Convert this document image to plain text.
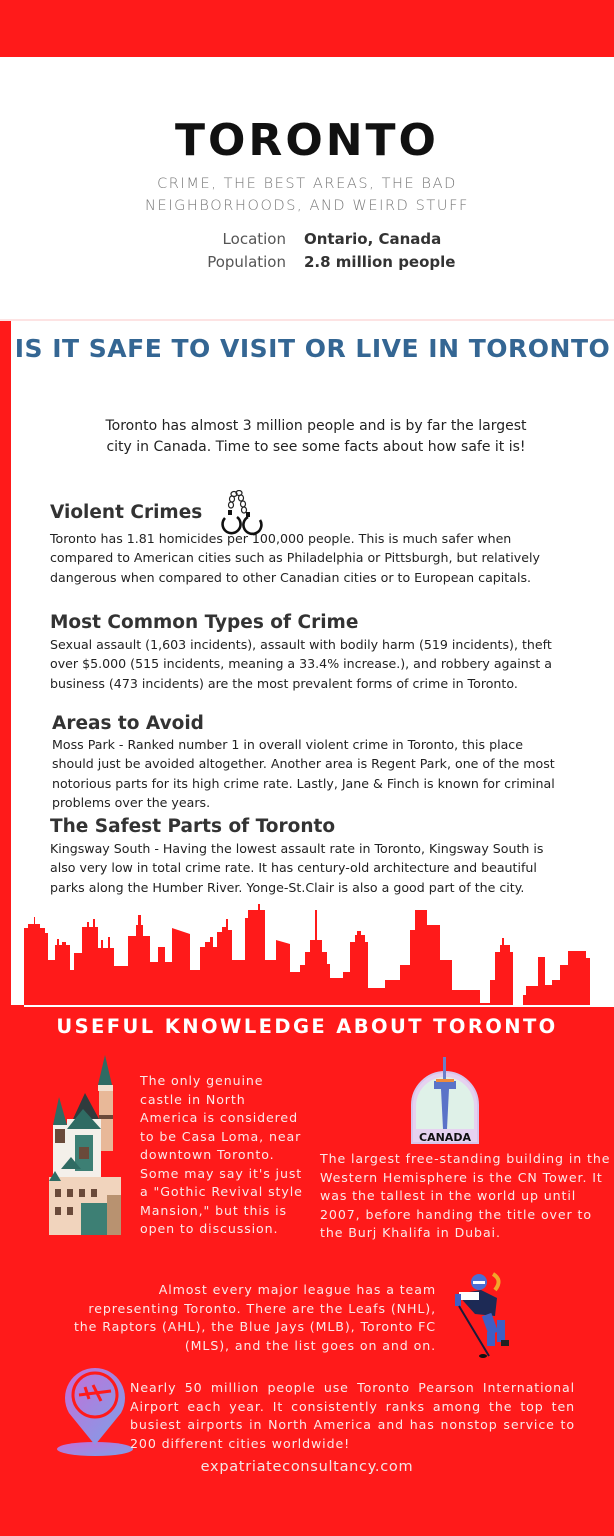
TORONTO
CRIME, THE BEST AREAS, THE BAD NEIGHBORHOODS, AND WEIRD STUFF
Location Ontario, Canada
Population 2.8 million people
IS IT SAFE TO VISIT OR LIVE IN TORONTO

Toronto has almost 3 million people and is by far the largest city in Canada. Time to see some facts about how safe it is!

Violent Crimes

Toronto has 1.81 homicides per 100,000 people. This is much safer when compared to American cities such as Philadelphia or Pittsburgh, but relatively dangerous when compared to other Canadian cities or to European capitals.

Most Common Types of Crime

Sexual assault (1,603 incidents), assault with bodily harm (519 incidents), theft over $5.000 (515 incidents, meaning a 33.4% increase.), and robbery against a business (473 incidents) are the most prevalent forms of crime in Toronto.

Areas to Avoid

Moss Park - Ranked number 1 in overall violent crime in Toronto, this place should just be avoided altogether. Another area is Regent Park, one of the most notorious parts for its high crime rate. Lastly, Jane & Finch is known for criminal problems over the years.

The Safest Parts of Toronto

Kingsway South - Having the lowest assault rate in Toronto, Kingsway South is also very low in total crime rate. It has century-old architecture and beautiful parks along the Humber River. Yonge-St.Clair is also a good part of the city.

USEFUL KNOWLEDGE ABOUT TORONTO

The only genuine castle in North America is considered to be Casa Loma, near downtown Toronto. Some may say it's just a "Gothic Revival style Mansion," but this is open to discussion.

CANADA

The largest free-standing building in the Western Hemisphere is the CN Tower. It was the tallest in the world up until 2007, before handing the title over to the Burj Khalifa in Dubai.

Almost every major league has a team representing Toronto. There are the Leafs (NHL), the Raptors (AHL), the Blue Jays (MLB), Toronto FC (MLS), and the list goes on and on.

Nearly 50 million people use Toronto Pearson International Airport each year. It consistently ranks among the top ten busiest airports in North America and has nonstop service to 200 different cities worldwide!

expatriateconsultancy.com
